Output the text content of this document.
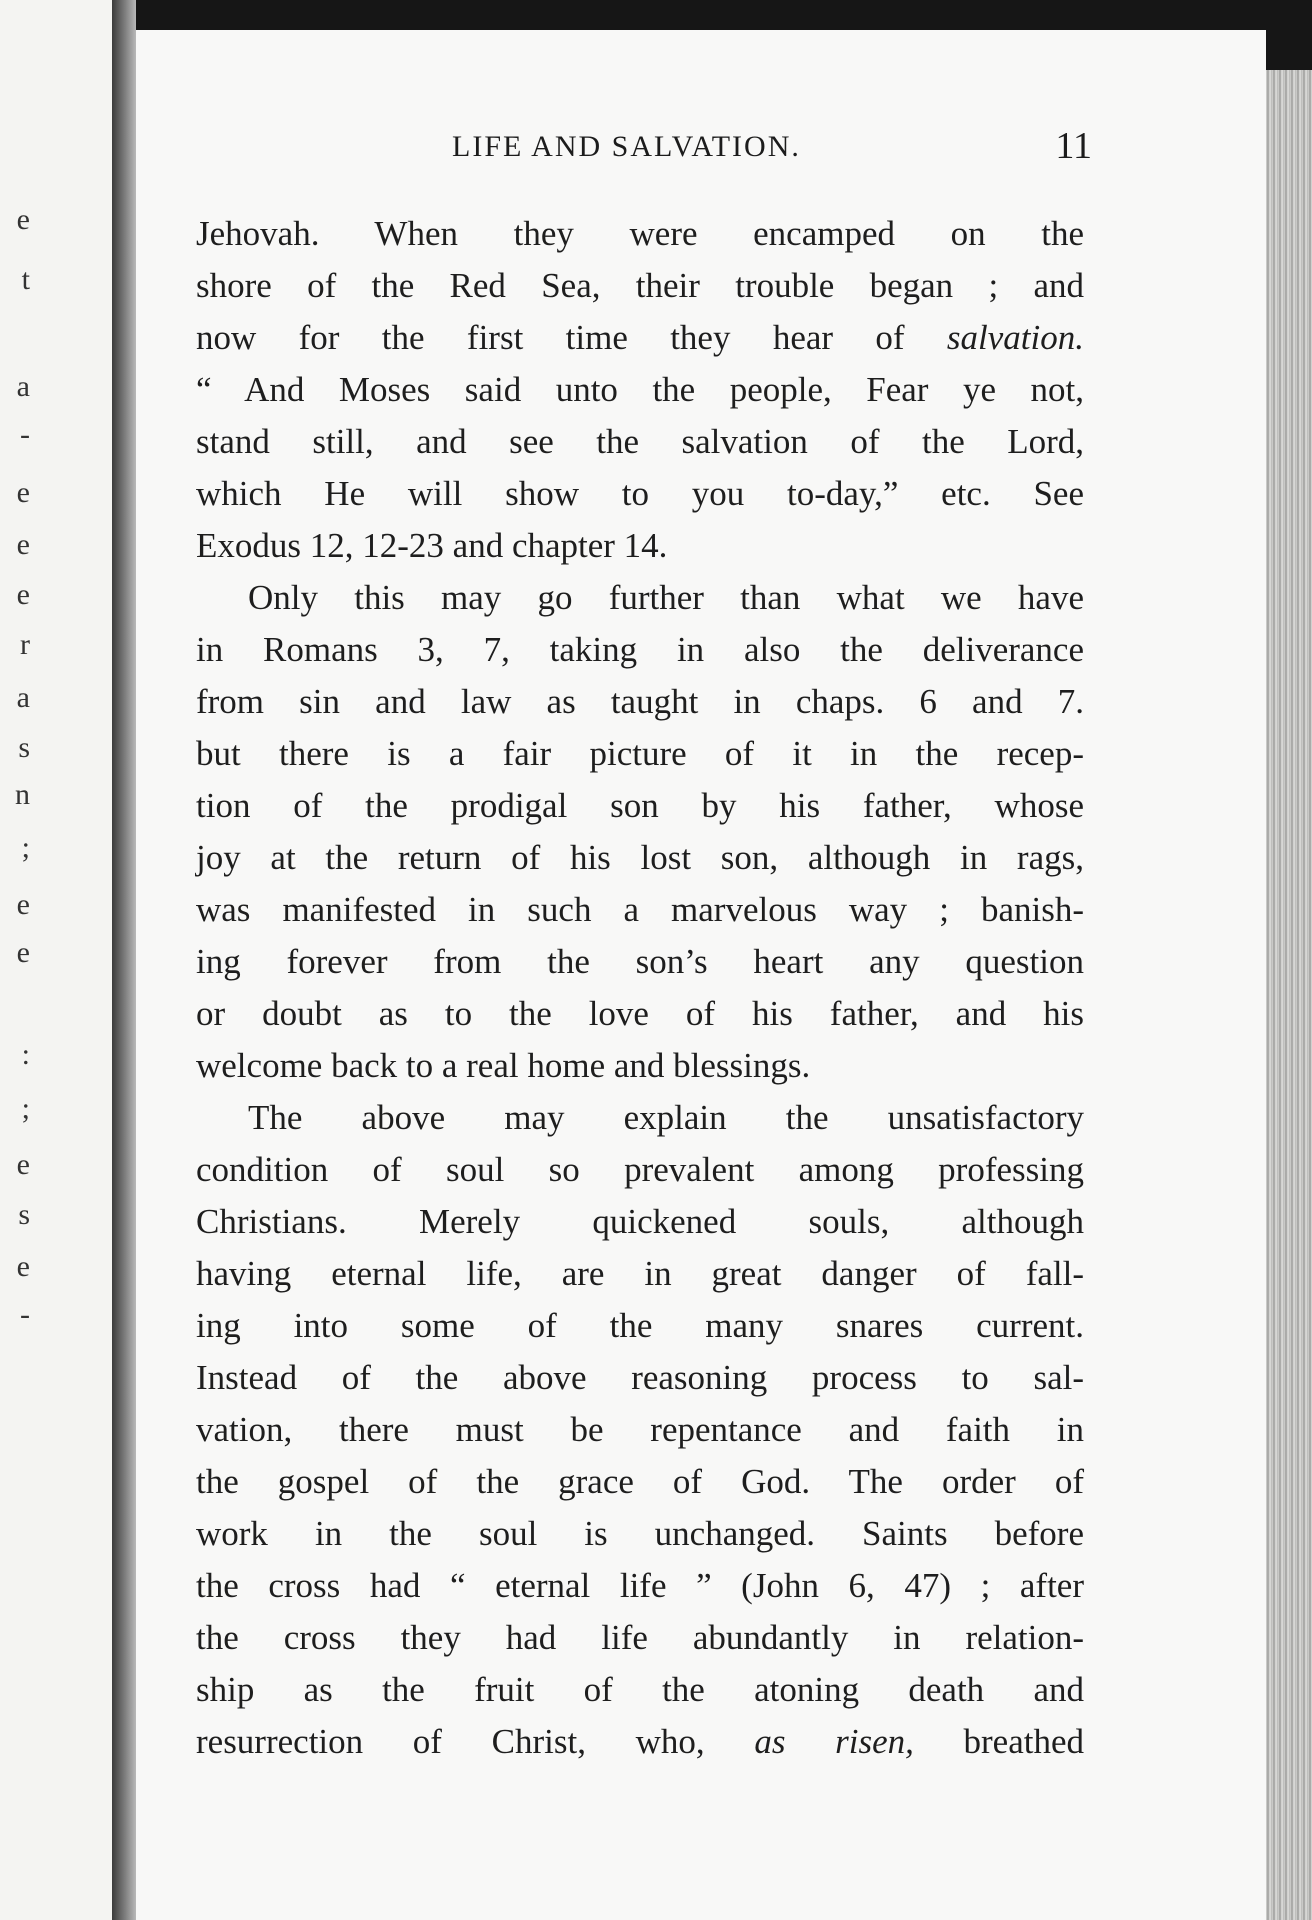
e
t
a
-
e
e
e
r
a
s
n
;
e
e
:
;
e
s
e
-
LIFE AND SALVATION.	11
Jehovah. When they were encamped on the
shore of the Red Sea, their trouble began ; and
now for the first time they hear of salvation.
“ And Moses said unto the people, Fear ye not,
stand still, and see the salvation of the Lord,
which He will show to you to-day,” etc. See
Exodus 12, 12-23 and chapter 14.
Only this may go further than what we have
in Romans 3, 7, taking in also the deliverance
from sin and law as taught in chaps. 6 and 7.
but there is a fair picture of it in the recep-
tion of the prodigal son by his father, whose
joy at the return of his lost son, although in rags,
was manifested in such a marvelous way ; banish-
ing forever from the son’s heart any question
or doubt as to the love of his father, and his
welcome back to a real home and blessings.
The above may explain the unsatisfactory
condition of soul so prevalent among professing
Christians. Merely quickened souls, although
having eternal life, are in great danger of fall-
ing into some of the many snares current.
Instead of the above reasoning process to sal-
vation, there must be repentance and faith in
the gospel of the grace of God. The order of
work in the soul is unchanged. Saints before
the cross had “ eternal life ” (John 6, 47) ; after
the cross they had life abundantly in relation-
ship as the fruit of the atoning death and
resurrection of Christ, who, as risen, breathed
